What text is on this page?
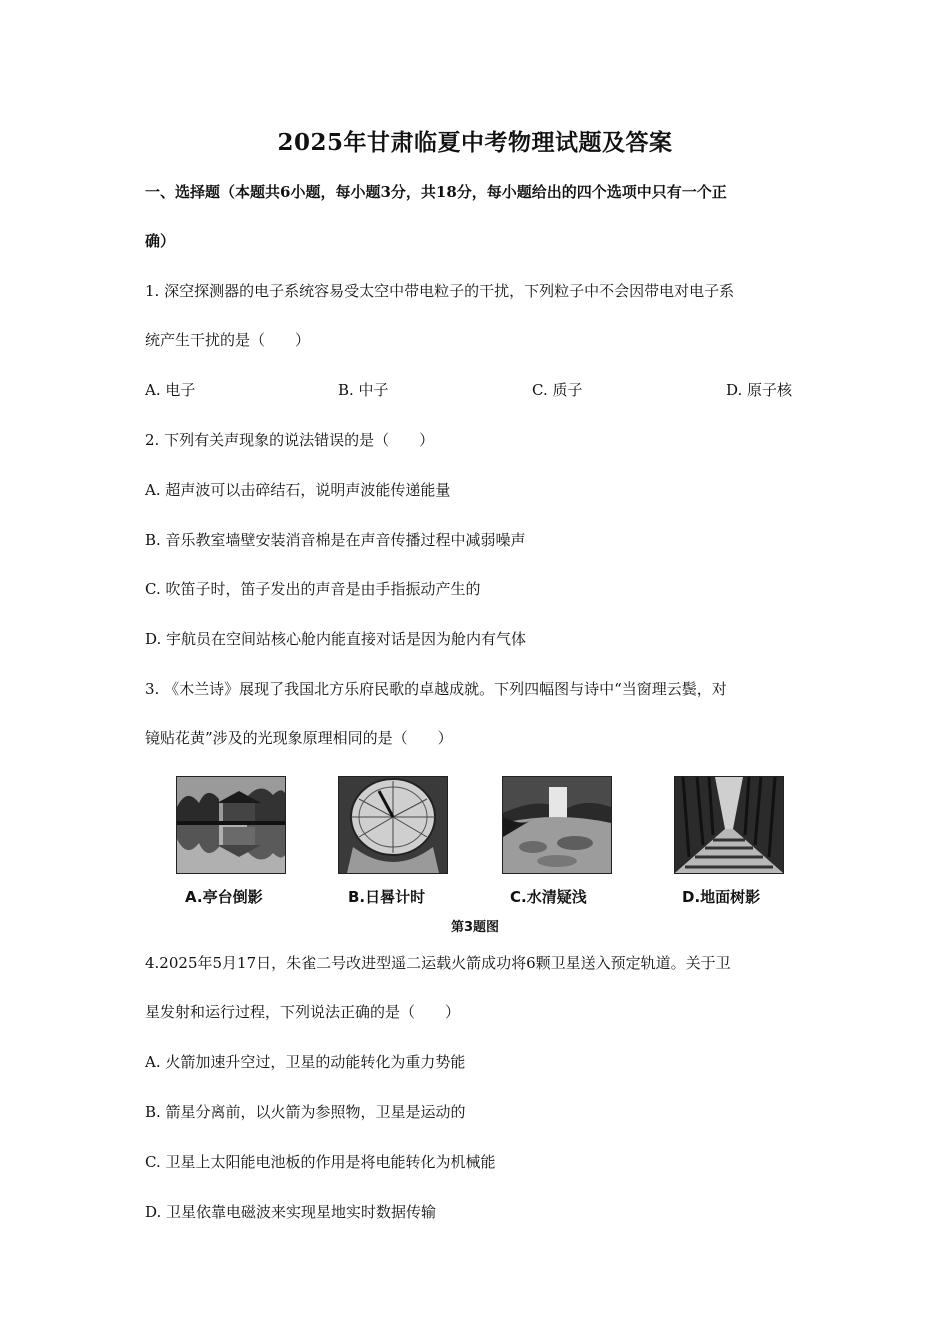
2025年甘肃临夏中考物理试题及答案
一、选择题（本题共6小题，每小题3分，共18分，每小题给出的四个选项中只有一个正
确）
1. 深空探测器的电子系统容易受太空中带电粒子的干扰，下列粒子中不会因带电对电子系
统产生干扰的是（　　）
A. 电子	B. 中子	C. 质子	D. 原子核
2. 下列有关声现象的说法错误的是（　　）
A. 超声波可以击碎结石，说明声波能传递能量
B. 音乐教室墙壁安装消音棉是在声音传播过程中减弱噪声
C. 吹笛子时，笛子发出的声音是由手指振动产生的
D. 宇航员在空间站核心舱内能直接对话是因为舱内有气体
3. 《木兰诗》展现了我国北方乐府民歌的卓越成就。下列四幅图与诗中“当窗理云鬓，对
镜贴花黄”涉及的光现象原理相同的是（　　）
A.亭台倒影	B.日晷计时	C.水清疑浅	D.地面树影
第3题图
4.2025年5月17日，朱雀二号改进型遥二运载火箭成功将6颗卫星送入预定轨道。关于卫
星发射和运行过程，下列说法正确的是（　　）
A. 火箭加速升空过，卫星的动能转化为重力势能
B. 箭星分离前，以火箭为参照物，卫星是运动的
C. 卫星上太阳能电池板的作用是将电能转化为机械能
D. 卫星依靠电磁波来实现星地实时数据传输
